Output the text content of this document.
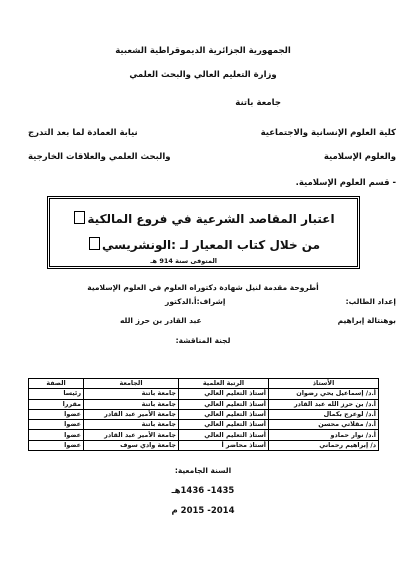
الجمهورية الجزائرية الديموقراطية الشعبية
وزارة التعليم العالي والبحث العلمي
جامعة باتنة
كلية العلوم الإنسانية والاجتماعية
والعلوم الإسلامية
نيابة العمادة لما بعد التدرج
والبحث العلمي والعلاقات الخارجية
- قسم العلوم الإسلامية.
اعتبار المقاصد الشرعية في فروع المالكية
من خلال كتاب المعيار لـ :الونشريسي
المتوفى سنة 914 هـ
أطروحة مقدمة لنيل شهادة دكتوراه العلوم في العلوم الإسلامية
إعداد الطالب:
إشراف:أ.الدكتور
بوهنتالة إبراهيم
عبد القادر بن حرز الله
لجنة المناقشة:
الأستاذ	الرتبة العلمية	الجامعة	الصفة
أ.د/ إسماعيل يحي رضوان	أستاذ التعليم العالي	جامعة باتنة	رئيسا
أ.د/ بن حرز الله عبد القادر	أستاذ التعليم العالي	جامعة باتنة	مقررا
أ.د/ لوعرج بكمال	أستاذ التعليم العالي	جامعة الأمير عبد القادر	عضوا
أ.د/ مقلاتي محسن	أستاذ التعليم العالي	جامعة باتنة	عضوا
أ.د/ نوار حمادو	أستاذ التعليم العالي	جامعة الأمير عبد القادر	عضوا
د/ إبراهيم رحماني	أستاذ محاضر أ	جامعة وادي سوف	عضوا
السنة الجامعية:
1435- 1436هـ
2014- 2015 م
